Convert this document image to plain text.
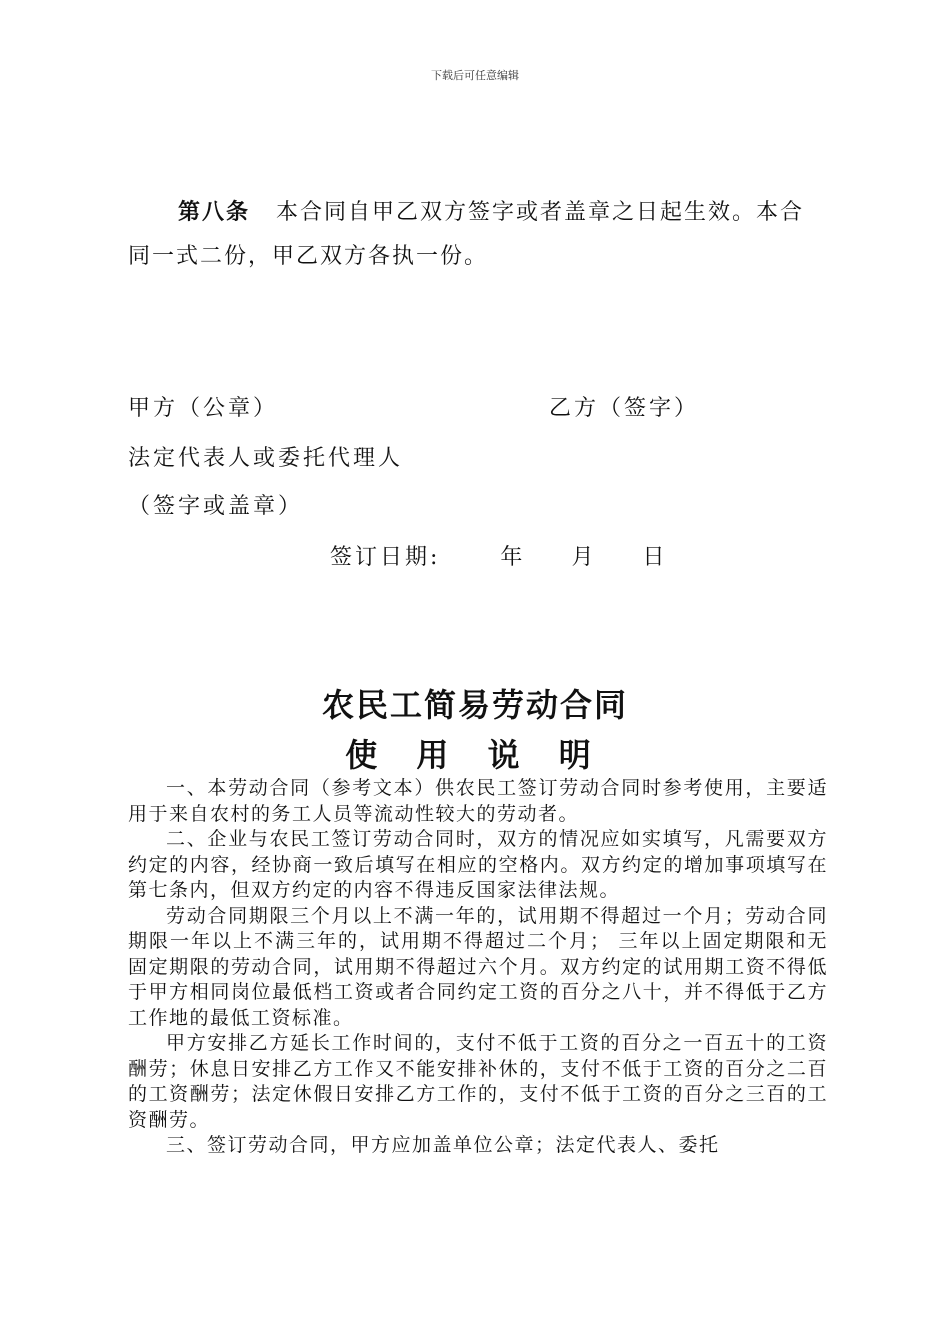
下载后可任意编辑
第八条 本合同自甲乙双方签字或者盖章之日起生效。本合同一式二份，甲乙双方各执一份。
甲方（公章）	乙方（签字）
法定代表人或委托代理人
（签字或盖章）
签订日期:	年 月 日
农民工简易劳动合同
使 用 说 明

一、本劳动合同（参考文本）供农民工签订劳动合同时参考使用，主要适用于来自农村的务工人员等流动性较大的劳动者。

二、企业与农民工签订劳动合同时，双方的情况应如实填写，凡需要双方约定的内容，经协商一致后填写在相应的空格内。双方约定的增加事项填写在第七条内，但双方约定的内容不得违反国家法律法规。

劳动合同期限三个月以上不满一年的，试用期不得超过一个月；劳动合同期限一年以上不满三年的，试用期不得超过二个月； 三年以上固定期限和无固定期限的劳动合同，试用期不得超过六个月。双方约定的试用期工资不得低于甲方相同岗位最低档工资或者合同约定工资的百分之八十，并不得低于乙方工作地的最低工资标准。

甲方安排乙方延长工作时间的，支付不低于工资的百分之一百五十的工资酬劳；休息日安排乙方工作又不能安排补休的，支付不低于工资的百分之二百的工资酬劳；法定休假日安排乙方工作的，支付不低于工资的百分之三百的工资酬劳。

三、签订劳动合同，甲方应加盖单位公章；法定代表人、委托
